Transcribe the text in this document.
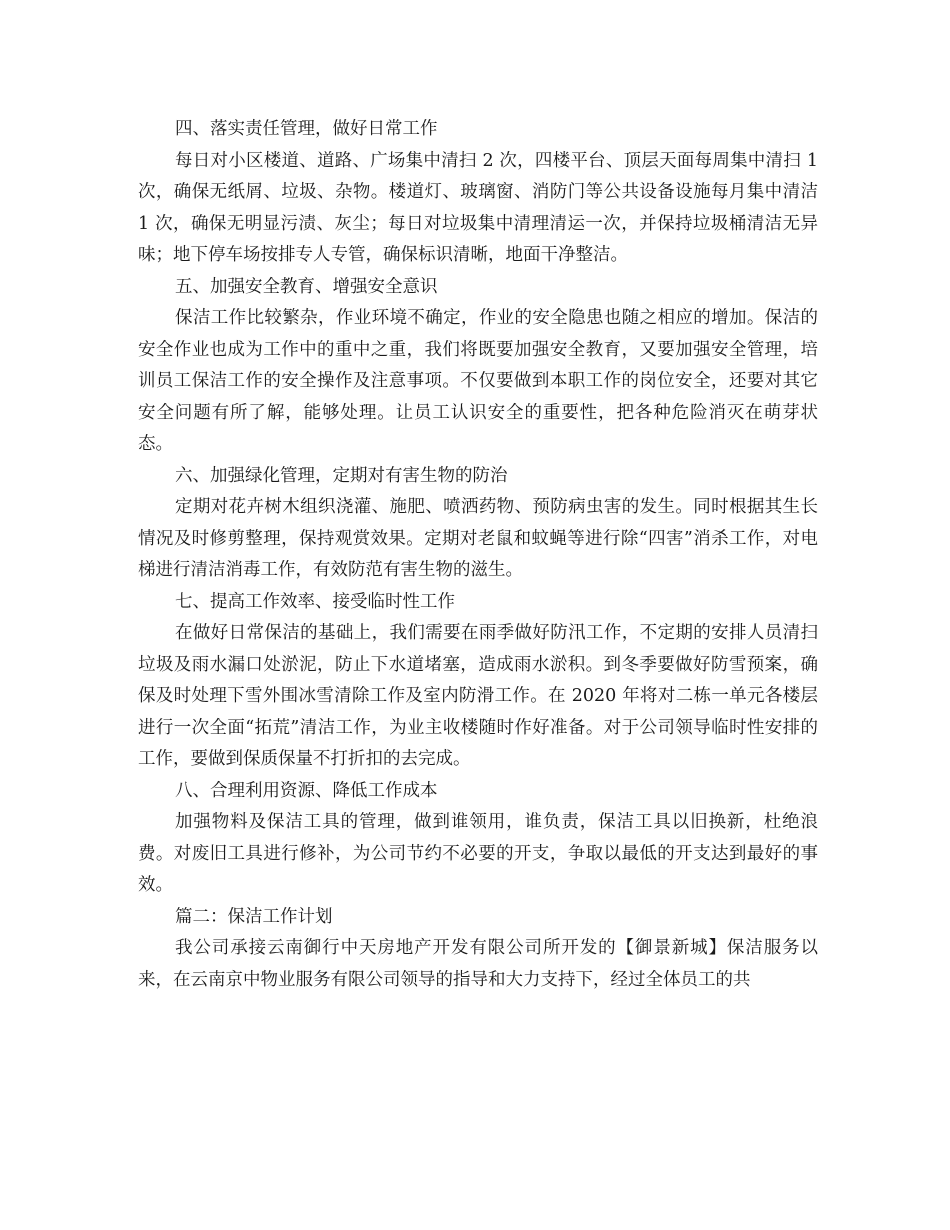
四、落实责任管理，做好日常工作

每日对小区楼道、道路、广场集中清扫 2 次，四楼平台、顶层天面每周集中清扫 1 次，确保无纸屑、垃圾、杂物。楼道灯、玻璃窗、消防门等公共设备设施每月集中清洁 1 次，确保无明显污渍、灰尘；每日对垃圾集中清理清运一次，并保持垃圾桶清洁无异味；地下停车场按排专人专管，确保标识清晰，地面干净整洁。

五、加强安全教育、增强安全意识

保洁工作比较繁杂，作业环境不确定，作业的安全隐患也随之相应的增加。保洁的安全作业也成为工作中的重中之重，我们将既要加强安全教育，又要加强安全管理，培训员工保洁工作的安全操作及注意事项。不仅要做到本职工作的岗位安全，还要对其它安全问题有所了解，能够处理。让员工认识安全的重要性，把各种危险消灭在萌芽状态。

六、加强绿化管理，定期对有害生物的防治

定期对花卉树木组织浇灌、施肥、喷洒药物、预防病虫害的发生。同时根据其生长情况及时修剪整理，保持观赏效果。定期对老鼠和蚊蝇等进行除“四害”消杀工作，对电梯进行清洁消毒工作，有效防范有害生物的滋生。

七、提高工作效率、接受临时性工作

在做好日常保洁的基础上，我们需要在雨季做好防汛工作，不定期的安排人员清扫垃圾及雨水漏口处淤泥，防止下水道堵塞，造成雨水淤积。到冬季要做好防雪预案，确保及时处理下雪外围冰雪清除工作及室内防滑工作。在 2020 年将对二栋一单元各楼层进行一次全面“拓荒”清洁工作，为业主收楼随时作好准备。对于公司领导临时性安排的工作，要做到保质保量不打折扣的去完成。

八、合理利用资源、降低工作成本

加强物料及保洁工具的管理，做到谁领用，谁负责，保洁工具以旧换新，杜绝浪费。对废旧工具进行修补，为公司节约不必要的开支，争取以最低的开支达到最好的事效。

篇二：保洁工作计划

我公司承接云南御行中天房地产开发有限公司所开发的【御景新城】保洁服务以来，在云南京中物业服务有限公司领导的指导和大力支持下，经过全体员工的共
